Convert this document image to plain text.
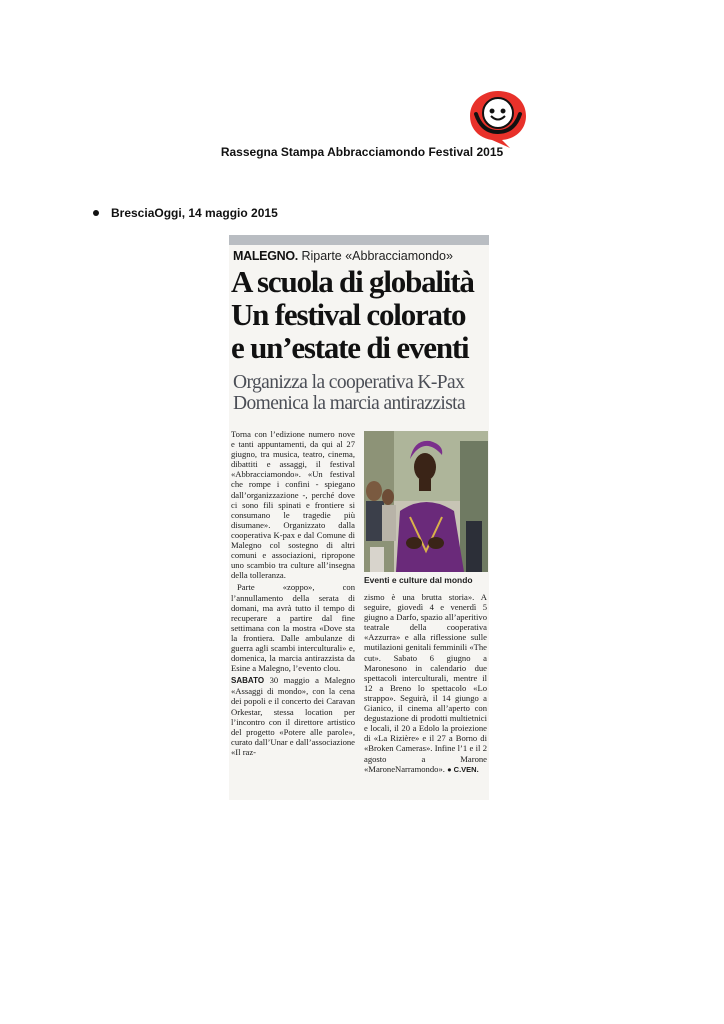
Rassegna Stampa Abbracciamondo Festival 2015
BresciaOggi, 14 maggio 2015
MALEGNO. Riparte «Abbracciamondo»
A scuola di globalità
Un festival colorato
e un’estate di eventi
Organizza la cooperativa K-Pax
Domenica la marcia antirazzista

Torna con l’edizione numero nove e tanti appuntamenti, da qui al 27 giugno, tra musica, teatro, cinema, dibattiti e assaggi, il festival «Abbracciamondo». «Un festival che rompe i confini - spiegano dall’organizzazione -, perché dove ci sono fili spinati e frontiere si consumano le tragedie più disumane». Organizzato dalla cooperativa K-pax e dal Comune di Malegno col sostegno di altri comuni e associazioni, ripropone uno scambio tra culture all’insegna della tolleranza.

Parte «zoppo», con l’annullamento della serata di domani, ma avrà tutto il tempo di recuperare a partire dal fine settimana con la mostra «Dove sta la frontiera. Dalle ambulanze di guerra agli scambi interculturali» e, domenica, la marcia antirazzista da Esine a Malegno, l’evento clou.

SABATO 30 maggio a Malegno «Assaggi di mondo», con la cena dei popoli e il concerto dei Caravan Orkestar, stessa location per l’incontro con il direttore artistico del progetto «Potere alle parole», curato dall’Unar e dall’associazione «Il raz-

Eventi e culture dal mondo

zismo è una brutta storia». A seguire, giovedì 4 e venerdì 5 giugno a Darfo, spazio all’aperitivo teatrale della cooperativa «Azzurra» e alla riflessione sulle mutilazioni genitali femminili «The cut». Sabato 6 giugno a Maronesono in calendario due spettacoli interculturali, mentre il 12 a Breno lo spettacolo «Lo strappo». Seguirà, il 14 giungo a Gianico, il cinema all’aperto con degustazione di prodotti multietnici e locali, il 20 a Edolo la proiezione di «La Rizière» e il 27 a Borno di «Broken Cameras». Infine l’1 e il 2 agosto a Marone «MaroneNarramondo». ● C.VEN.
